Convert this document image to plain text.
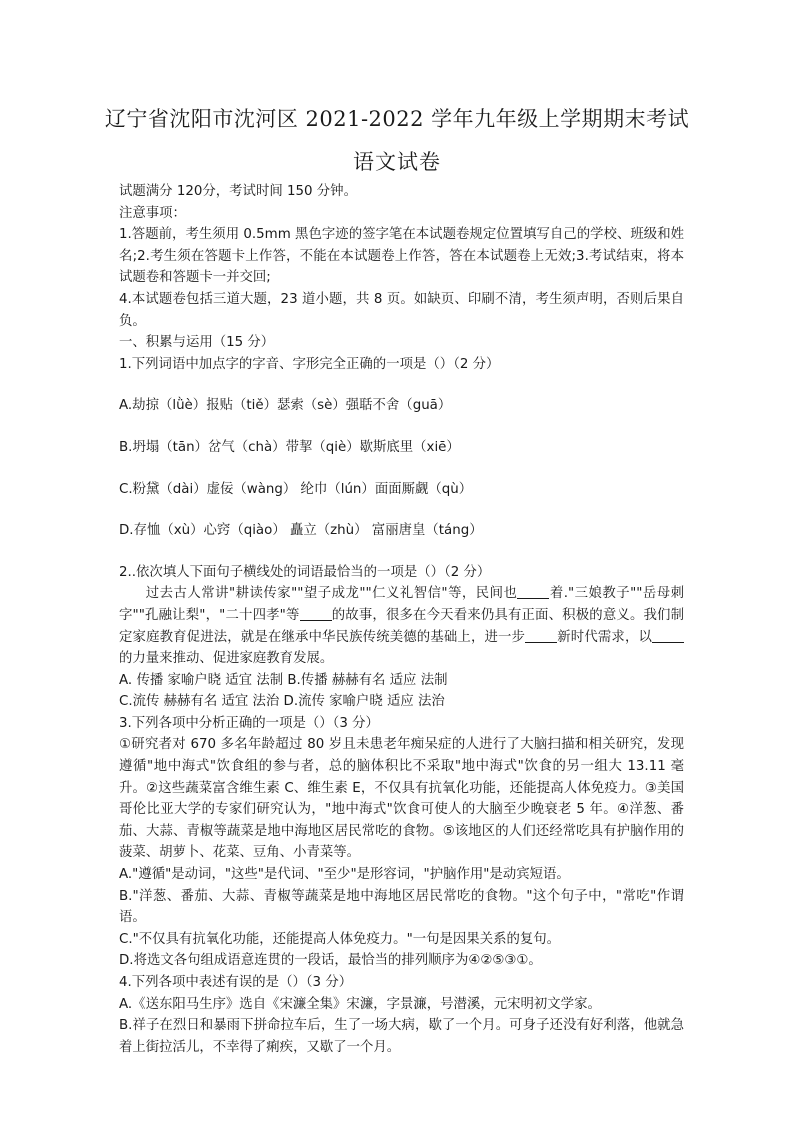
辽宁省沈阳市沈河区 2021-2022 学年九年级上学期期末考试
语文试卷

试题满分 120分，考试时间 150 分钟。

注意事项：

1.答题前，考生须用 0.5mm 黑色字迹的签字笔在本试题卷规定位置填写自己的学校、班级和姓名;2.考生须在答题卡上作答，不能在本试题卷上作答，答在本试题卷上无效;3.考试结束，将本试题卷和答题卡一并交回;

4.本试题卷包括三道大题，23 道小题，共 8 页。如缺页、印刷不清，考生须声明，否则后果自负。

一、积累与运用（15 分）

1.下列词语中加点字的字音、字形完全正确的一项是（）（2 分）

A.劫掠（lǜè）报贴（tiě）瑟索（sè）强聒不舍（guā）

B.坍塌（tān）岔气（chà）带挈（qiè）歇斯底里（xiē）

C.粉黛（dài）虚佞（wàng） 纶巾（lún）面面厮觑（qù）

D.存恤（xù）心窍（qiào） 矗立（zhù） 富丽唐皇（táng）

2..依次填人下面句子横线处的词语最恰当的一项是（）（2 分）

过去古人常讲"耕读传家""望子成龙""仁义礼智信"等，民间也 着."三娘教子""岳母刺字""孔融让梨"，"二十四孝"等 的故事，很多在今天看来仍具有正面、积极的意义。我们制定家庭教育促进法，就是在继承中华民族传统美德的基础上，进一步 新时代需求，以的力量来推动、促进家庭教育发展。

A. 传播 家喻户晓 适宜 法制 B.传播 赫赫有名 适应 法制

C.流传 赫赫有名 适宜 法治 D.流传 家喻户晓 适应 法治

3.下列各项中分析正确的一项是（）（3 分）

①研究者对 670 多名年龄超过 80 岁且未患老年痴呆症的人进行了大脑扫描和相关研究，发现遵循"地中海式"饮食组的参与者，总的脑体积比不采取"地中海式"饮食的另一组大 13.11 毫升。②这些蔬菜富含维生素 C、维生素 E，不仅具有抗氧化功能，还能提高人体免疫力。③美国哥伦比亚大学的专家们研究认为，"地中海式"饮食可使人的大脑至少晚衰老 5 年。④洋葱、番茄、大蒜、青椒等蔬菜是地中海地区居民常吃的食物。⑤该地区的人们还经常吃具有护脑作用的菠菜、胡萝卜、花菜、豆角、小青菜等。

A."遵循"是动词，"这些"是代词、"至少"是形容词，"护脑作用"是动宾短语。

B."洋葱、番茄、大蒜、青椒等蔬菜是地中海地区居民常吃的食物。"这个句子中，"常吃"作谓语。

C."不仅具有抗氧化功能，还能提高人体免疫力。"一句是因果关系的复句。

D.将选文各句组成语意连贯的一段话，最恰当的排列顺序为④②⑤③①。

4.下列各项中表述有误的是（）（3 分）

A.《送东阳马生序》选自《宋濂全集》宋濂，字景濂，号潜溪，元宋明初文学家。

B.祥子在烈日和暴雨下拼命拉车后，生了一场大病，歇了一个月。可身子还没有好利落，他就急着上街拉活儿，不幸得了痢疾，又歇了一个月。
